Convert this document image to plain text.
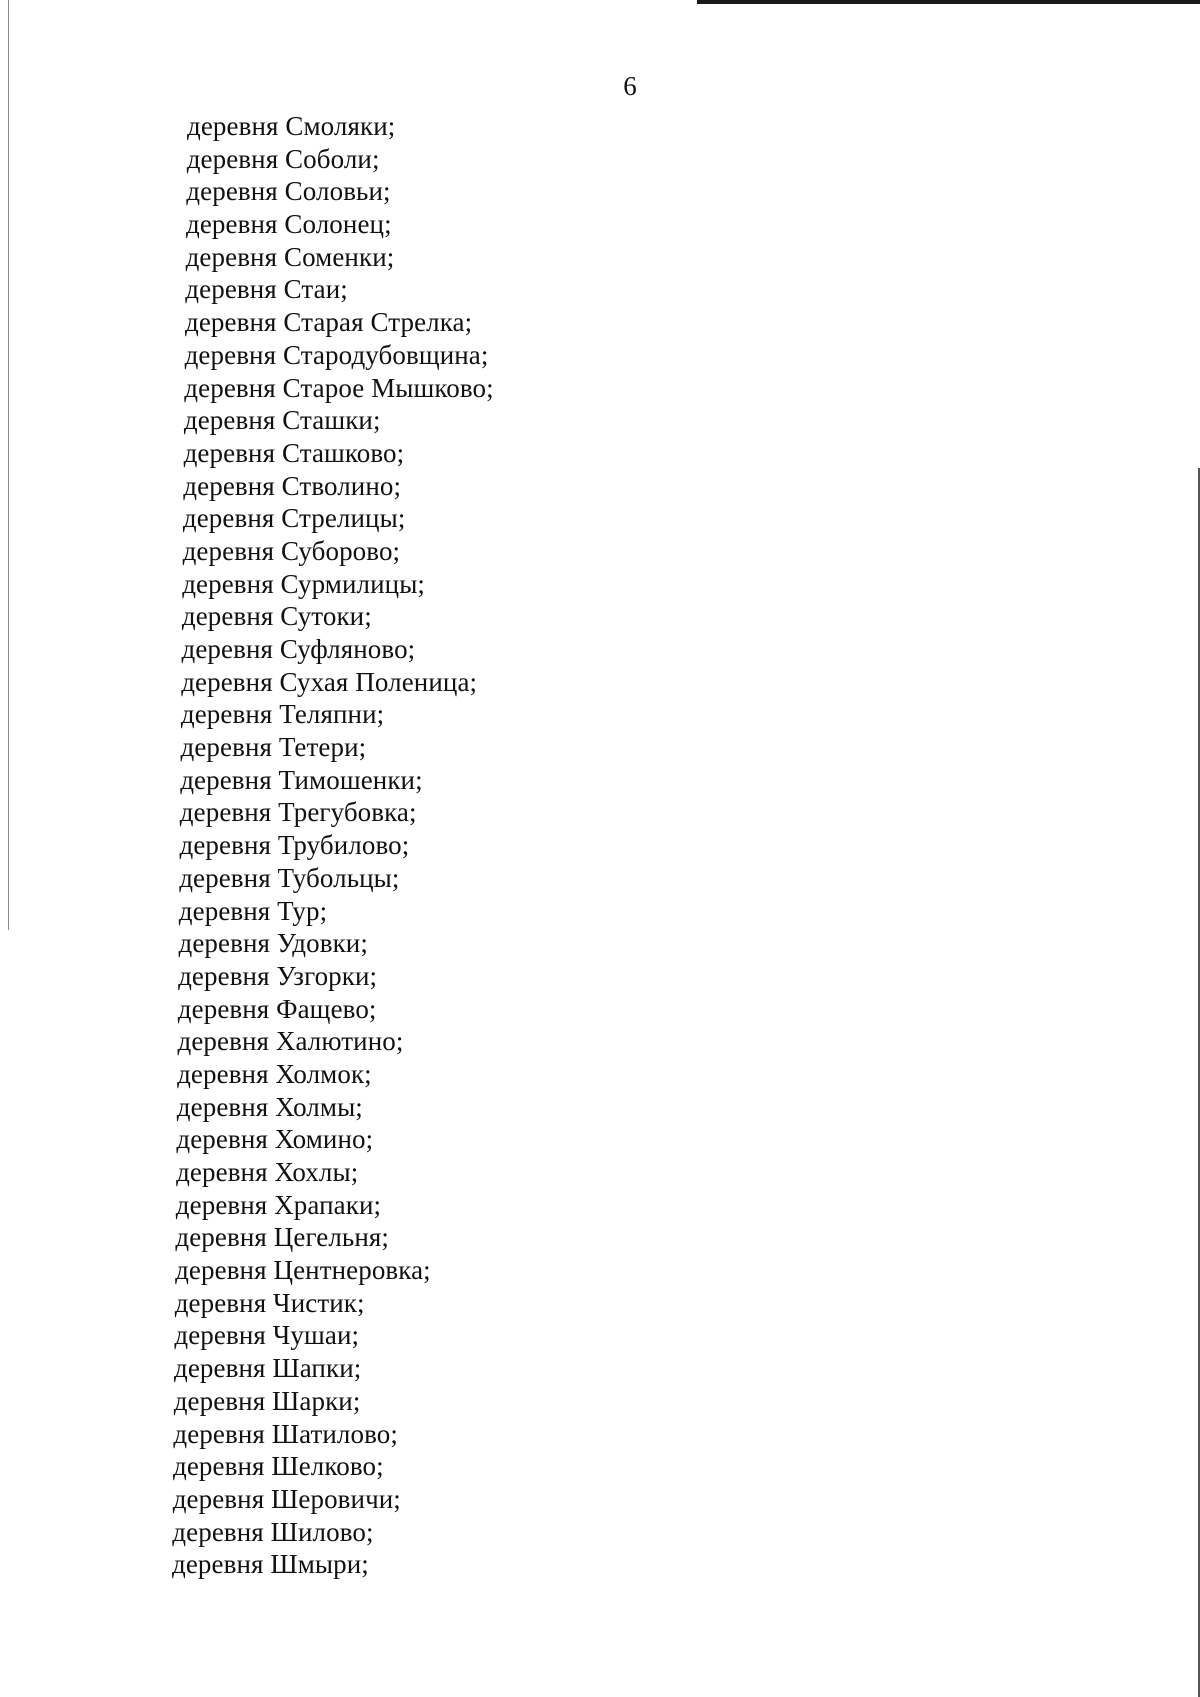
6
деревня Смоляки;
деревня Соболи;
деревня Соловьи;
деревня Солонец;
деревня Соменки;
деревня Стаи;
деревня Старая Стрелка;
деревня Стародубовщина;
деревня Старое Мышково;
деревня Сташки;
деревня Сташково;
деревня Стволино;
деревня Стрелицы;
деревня Суборово;
деревня Сурмилицы;
деревня Сутоки;
деревня Суфляново;
деревня Сухая Поленица;
деревня Теляпни;
деревня Тетери;
деревня Тимошенки;
деревня Трегубовка;
деревня Трубилово;
деревня Тубольцы;
деревня Тур;
деревня Удовки;
деревня Узгорки;
деревня Фащево;
деревня Халютино;
деревня Холмок;
деревня Холмы;
деревня Хомино;
деревня Хохлы;
деревня Храпаки;
деревня Цегельня;
деревня Центнеровка;
деревня Чистик;
деревня Чушаи;
деревня Шапки;
деревня Шарки;
деревня Шатилово;
деревня Шелково;
деревня Шеровичи;
деревня Шилово;
деревня Шмыри;
